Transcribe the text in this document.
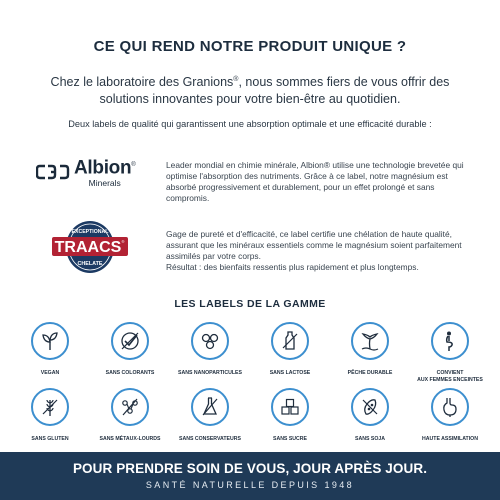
CE QUI REND NOTRE PRODUIT UNIQUE ?
Chez le laboratoire des Granions®, nous sommes fiers de vous offrir des solutions innovantes pour votre bien-être au quotidien.
Deux labels de qualité qui garantissent une absorption optimale et une efficacité durable :
Albion®
Minerals
Leader mondial en chimie minérale, Albion® utilise une technologie brevetée qui optimise l'absorption des nutriments. Grâce à ce label, notre magnésium est absorbé progressivement et durablement, pour un effet prolongé et sans compromis.
EXCEPTIONAL
TRAACS ®
CHELATE
Gage de pureté et d'efficacité, ce label certifie une chélation de haute qualité, assurant que les minéraux essentiels comme le magnésium soient parfaitement assimilés par votre corps.
Résultat : des bienfaits ressentis plus rapidement et plus longtemps.
LES LABELS DE LA GAMME
VEGAN	SANS COLORANTS	SANS NANOPARTICULES	SANS LACTOSE	PÊCHE DURABLE	CONVIENT
AUX FEMMES ENCEINTES
SANS GLUTEN	SANS MÉTAUX-LOURDS	SANS CONSERVATEURS	SANS SUCRE	SANS SOJA	HAUTE ASSIMILATION
POUR PRENDRE SOIN DE VOUS, JOUR APRÈS JOUR.
SANTÉ NATURELLE DEPUIS 1948
